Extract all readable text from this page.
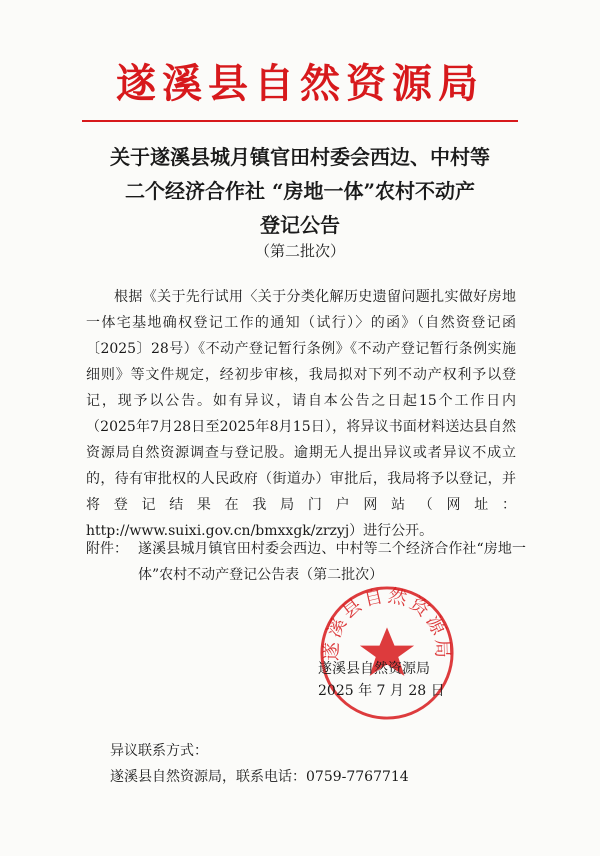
遂溪县自然资源局
关于遂溪县城月镇官田村委会西边、中村等
二个经济合作社 “房地一体”农村不动产
登记公告
（第二批次）

根据《关于先行试用〈关于分类化解历史遗留问题扎实做好房地一体宅基地确权登记工作的通知（试行）〉的函》（自然资登记函〔2025〕28号）《不动产登记暂行条例》《不动产登记暂行条例实施细则》等文件规定，经初步审核，我局拟对下列不动产权利予以登记，现予以公告。如有异议，请自本公告之日起15个工作日内（2025年7月28日至2025年8月15日），将异议书面材料送达县自然资源局自然资源调查与登记股。逾期无人提出异议或者异议不成立的，待有审批权的人民政府（街道办）审批后，我局将予以登记，并将登记结果在我局门户网站（网址：http://www.suixi.gov.cn/bmxxgk/zrzyj）进行公开。

附件： 遂溪县城月镇官田村委会西边、中村等二个经济合作社“房地一体”农村不动产登记公告表（第二批次）
遂溪县自然资源局
遂溪县自然资源局
2025 年 7 月 28 日
异议联系方式：
遂溪县自然资源局，联系电话：0759-7767714
